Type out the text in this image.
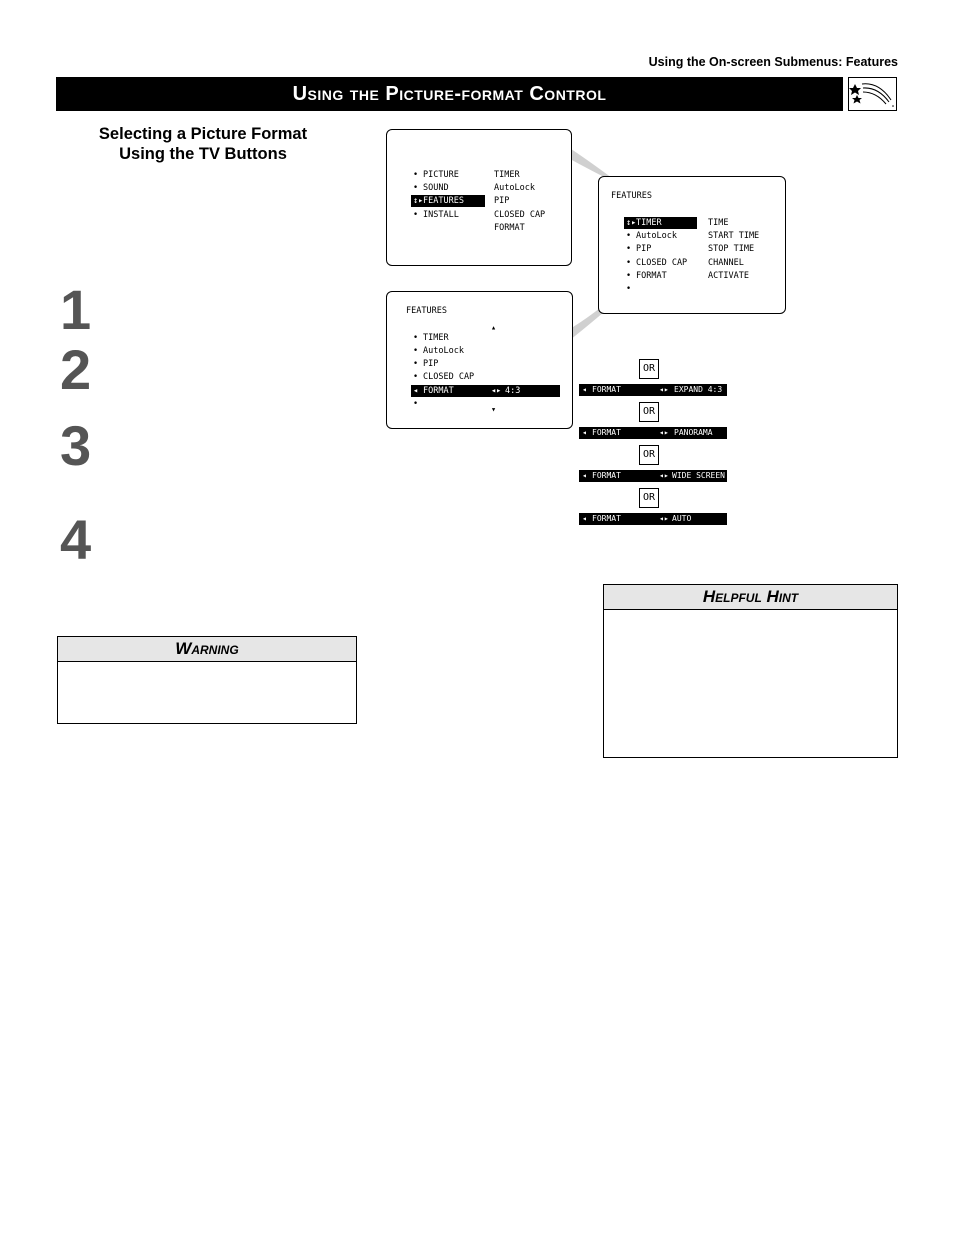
Using the On-screen Submenus: Features
Using the Picture-format Control
Selecting a Picture Format
Using the TV Buttons
1
2
3
4
• PICTURE
• SOUND
↕▸ FEATURES
• INSTALL
TIMER
AutoLock
PIP
CLOSED CAP
FORMAT
FEATURES
↕▸ TIMER
• AutoLock
• PIP
• CLOSED CAP
• FORMAT
TIME
START TIME
STOP TIME
CHANNEL
ACTIVATE
FEATURES
▴
• TIMER
• AutoLock
• PIP
• CLOSED CAP
◂ FORMAT	◂▸ 4:3
▾
OR
◂ FORMAT	◂▸ EXPAND 4:3
OR
◂ FORMAT	◂▸ PANORAMA
OR
◂ FORMAT	◂▸ WIDE SCREEN
OR
◂ FORMAT	◂▸ AUTO
Warning
Helpful Hint
